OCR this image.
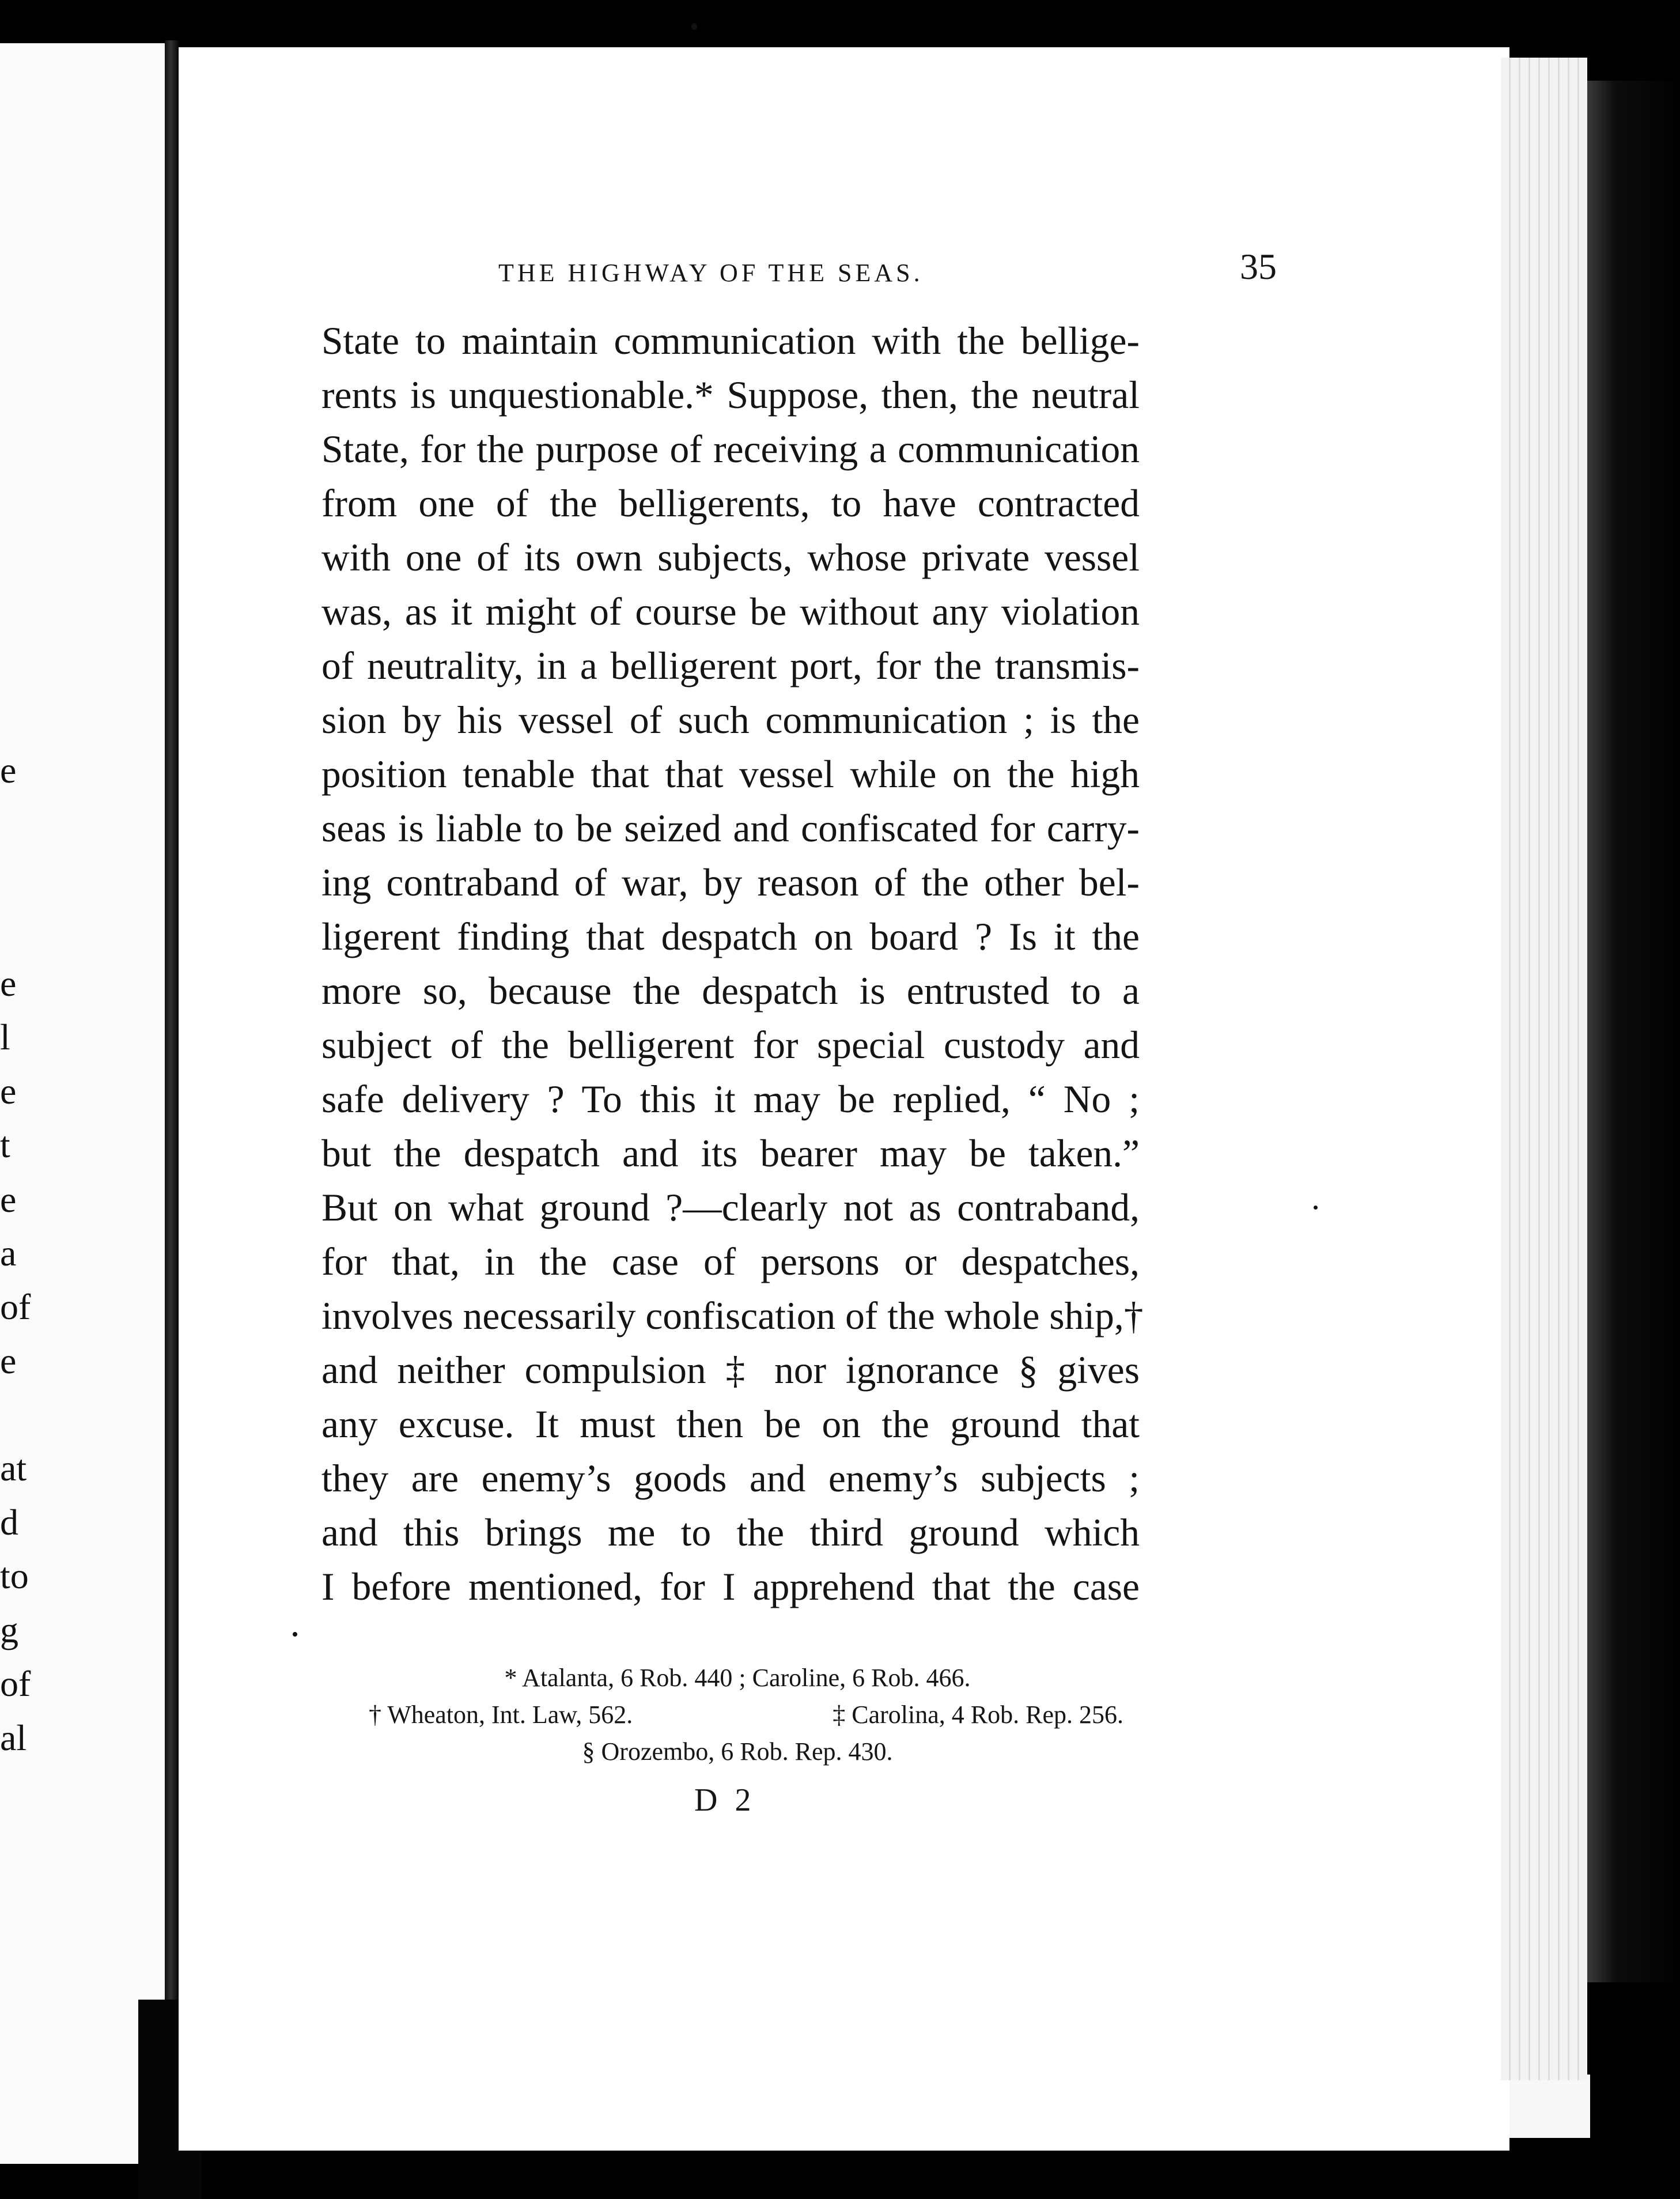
e
e
l
e
t
e
a
of
e
at
d
to
g
of
al
THE HIGHWAY OF THE SEAS.	35
State to maintain communication with the bellige-
rents is unquestionable.* Suppose, then, the neutral
State, for the purpose of receiving a communication
from one of the belligerents, to have contracted
with one of its own subjects, whose private vessel
was, as it might of course be without any violation
of neutrality, in a belligerent port, for the transmis-
sion by his vessel of such communication ; is the
position tenable that that vessel while on the high
seas is liable to be seized and confiscated for carry-
ing contraband of war, by reason of the other bel-
ligerent finding that despatch on board ? Is it the
more so, because the despatch is entrusted to a
subject of the belligerent for special custody and
safe delivery ? To this it may be replied, “ No ;
but the despatch and its bearer may be taken.”
But on what ground ?—clearly not as contraband,
for that, in the case of persons or despatches,
involves necessarily confiscation of the whole ship,†
and neither compulsion ‡ nor ignorance § gives
any excuse. It must then be on the ground that
they are enemy’s goods and enemy’s subjects ;
and this brings me to the third ground which
I before mentioned, for I apprehend that the case
* Atalanta, 6 Rob. 440 ; Caroline, 6 Rob. 466.
† Wheaton, Int. Law, 562.	‡ Carolina, 4 Rob. Rep. 256.
§ Orozembo, 6 Rob. Rep. 430.
D 2
